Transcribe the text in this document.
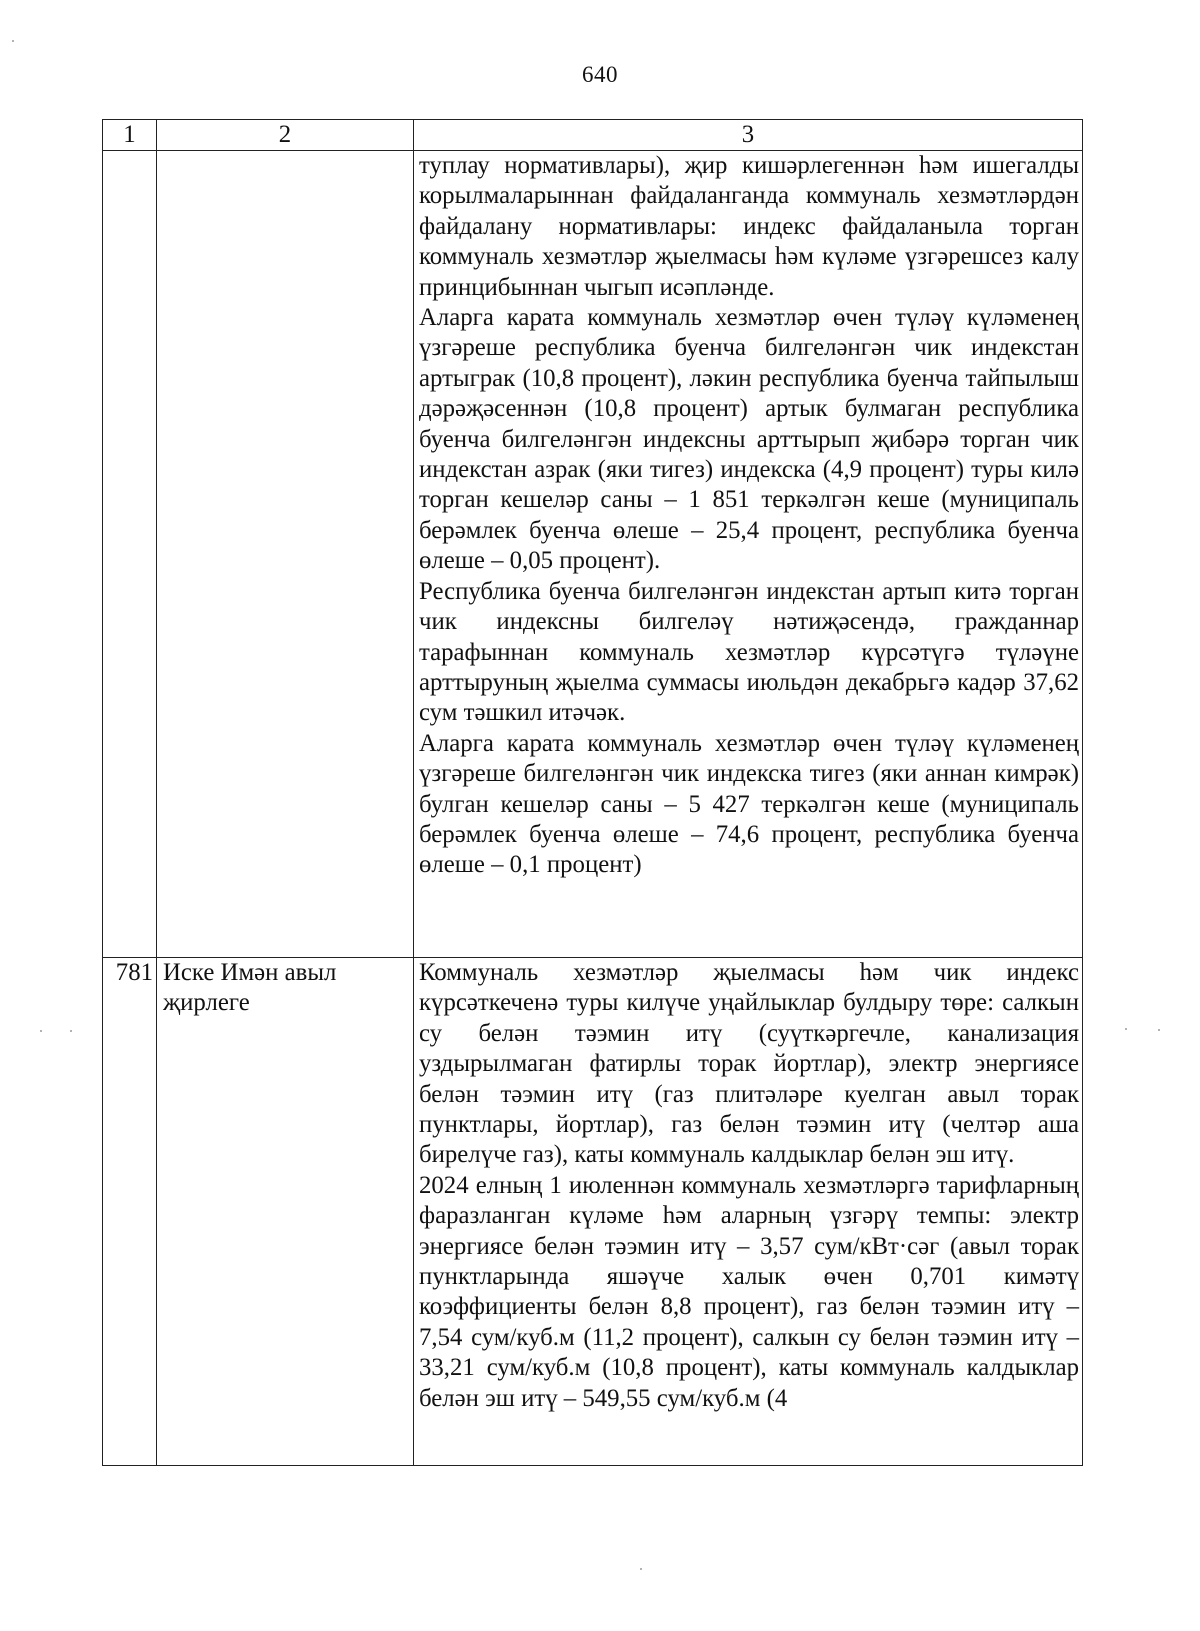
640
1	2	3

		туплау нормативлары), җир кишәрлегеннән һәм ишегалды корылмаларыннан файдаланганда коммуналь хезмәтләрдән файдалану нормативлары: индекс файдаланыла торган коммуналь хезмәтләр җыелмасы һәм күләме үзгәрешсез калу принцибыннан чыгып исәпләнде.

Аларга карата коммуналь хезмәтләр өчен түләү күләменең үзгәреше республика буенча билгеләнгән чик индекстан артыграк (10,8 процент), ләкин республика буенча тайпылыш дәрәҗәсеннән (10,8 процент) артык булмаган республика буенча билгеләнгән индексны арттырып җибәрә торган чик индекстан азрак (яки тигез) индекска (4,9 процент) туры килә торган кешеләр саны – 1 851 теркәлгән кеше (муниципаль берәмлек буенча өлеше – 25,4 процент, республика буенча өлеше – 0,05 процент).

Республика буенча билгеләнгән индекстан артып китә торган чик индексны билгеләү нәтиҗәсендә, гражданнар тарафыннан коммуналь хезмәтләр күрсәтүгә түләүне арттыруның җыелма суммасы июльдән декабрьгә кадәр 37,62 сум тәшкил итәчәк.

Аларга карата коммуналь хезмәтләр өчен түләү күләменең үзгәреше билгеләнгән чик индекска тигез (яки аннан кимрәк) булган кешеләр саны – 5 427 теркәлгән кеше (муниципаль берәмлек буенча өлеше – 74,6 процент, республика буенча өлеше – 0,1 процент)

781	Иске Имән авыл җирлеге	Коммуналь хезмәтләр җыелмасы һәм чик индекс күрсәткеченә туры килүче уңайлыклар булдыру төре: салкын су белән тәэмин итү (суүткәргечле, канализация уздырылмаган фатирлы торак йортлар), электр энергиясе белән тәэмин итү (газ плитәләре куелган авыл торак пунктлары, йортлар), газ белән тәэмин итү (челтәр аша бирелүче газ), каты коммуналь калдыклар белән эш итү.

2024 елның 1 июленнән коммуналь хезмәтләргә тарифларның фаразланган күләме һәм аларның үзгәрү темпы: электр энергиясе белән тәэмин итү – 3,57 сум/кВт·сәг (авыл торак пунктларында яшәүче халык өчен 0,701 кимәтү коэффициенты белән 8,8 процент), газ белән тәэмин итү – 7,54 сум/куб.м (11,2 процент), салкын су белән тәэмин итү – 33,21 сум/куб.м (10,8 процент), каты коммуналь калдыклар белән эш итү – 549,55 сум/куб.м (4
